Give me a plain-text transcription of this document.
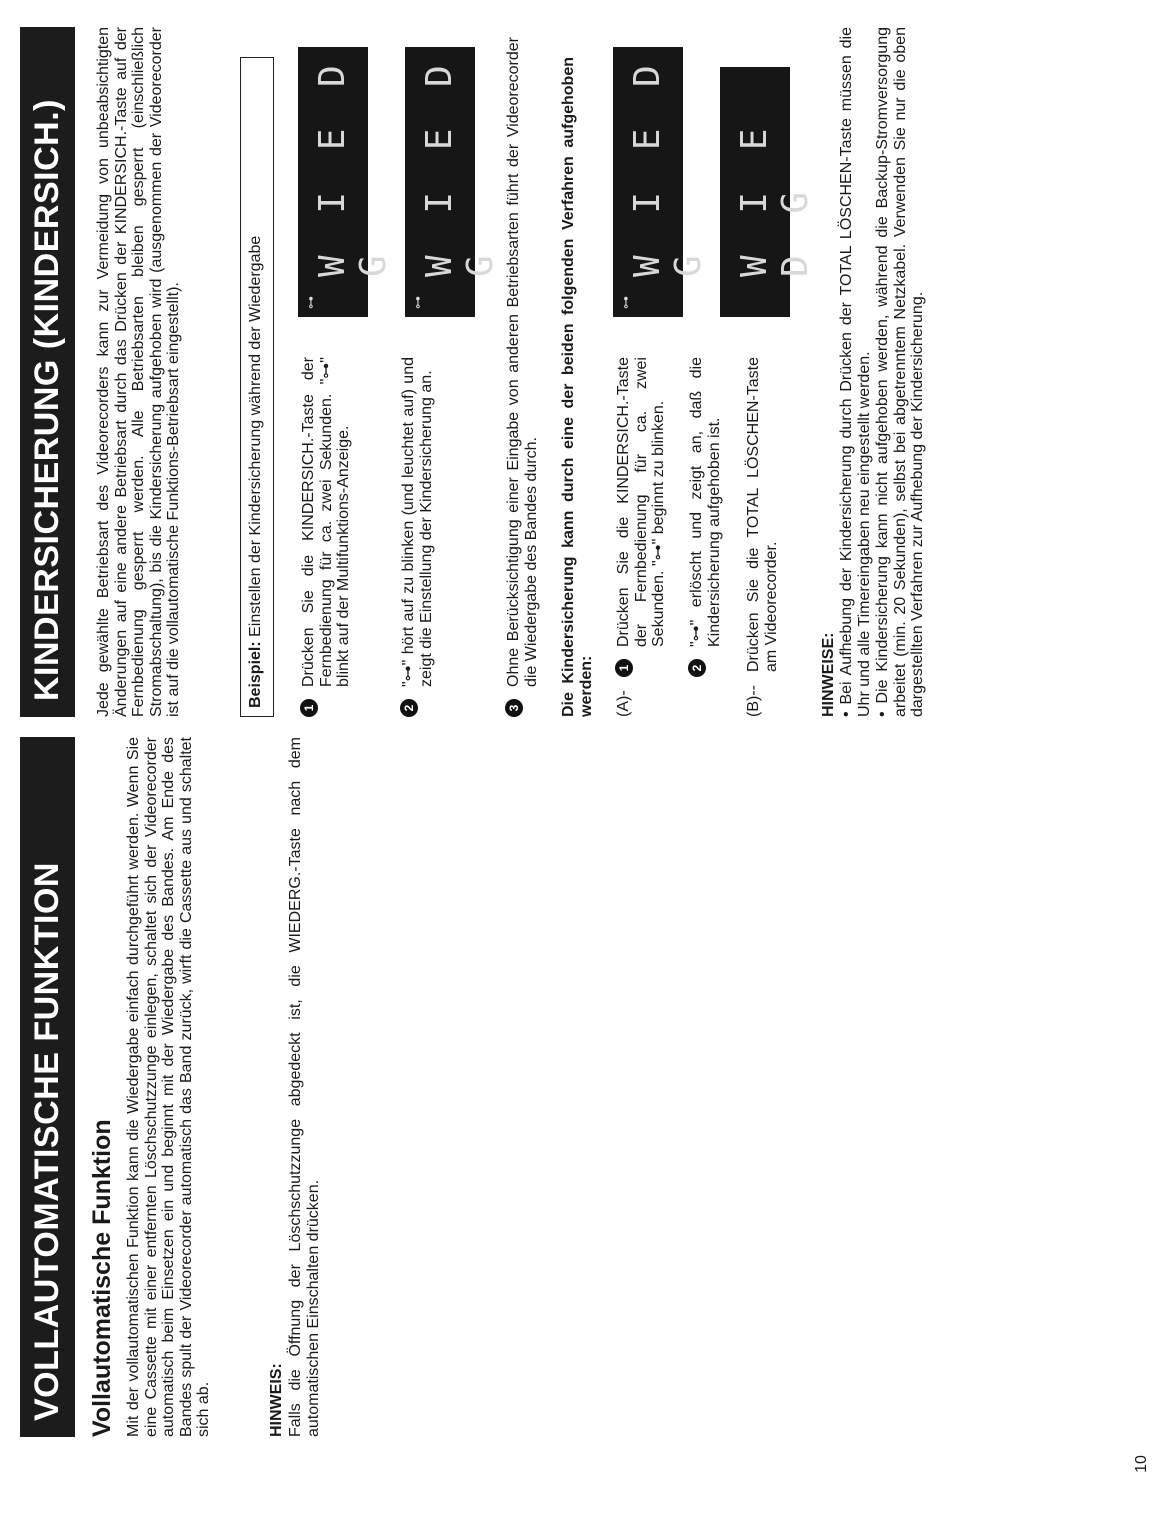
VOLLAUTOMATISCHE FUNKTION Vollautomatische Funktion Mit der vollautomatischen Funktion kann die Wiedergabe einfach durchgeführt werden. Wenn Sie eine Cassette mit einer entfernten Löschschutzzunge einlegen, schaltet sich der Videorecorder automatisch beim Einsetzen ein und beginnt mit der Wiedergabe des Bandes. Am Ende des Bandes spult der Videorecorder automatisch das Band zurück, wirft die Cassette aus und schaltet sich ab.	HINWEIS: Falls die Öffnung der Löschschutzzunge abgedeckt ist, die WIEDERG.-Taste nach dem automatischen Einschalten drücken.
KINDERSICHERUNG (KINDERSICH.)	Jede gewählte Betriebsart des Videorecorders kann zur Vermeidung von unbeabsichtigten Änderungen auf eine andere Betriebsart durch das Drücken der KINDERSICH.-Taste auf der Fernbedienung gesperrt werden. Alle Betriebsarten bleiben gesperrt (einschließlich Stromabschaltung), bis die Kindersicherung aufgehoben wird (ausgenommen der Videorecorder ist auf die vollautomatische Funktions-Betriebsart eingestellt).	Beispiel: Einstellen der Kindersicherung während der Wiedergabe
1
Drücken Sie die KINDERSICH.-Taste der Fernbedienung für ca. zwei Sekunden. "⊶" blinkt auf der Multifunktions-Anzeige.
⊶
W I E D G
2
"⊶" hört auf zu blinken (und leuchtet auf) und zeigt die Einstellung der Kindersicherung an.
⊶
W I E D G
3
Ohne Berücksichtigung einer Eingabe von anderen Betriebsarten führt der Videorecorder die Wiedergabe des Bandes durch. Die Kindersicherung kann durch eine der beiden folgenden Verfahren aufgehoben werden: (A)-
1
Drücken Sie die KINDERSICH.-Taste der Fernbedienung für ca. zwei Sekunden. "⊶" beginnt zu blinken.
2
"⊶" erlöscht und zeigt an, daß die Kindersicherung aufgehoben ist.
⊶
W I E D G W I E D G
(B)--
Drücken Sie die TOTAL LÖSCHEN-Taste am Videorecorder.
HINWEISE: • Bei Aufhebung der Kindersicherung durch Drücken der TOTAL LÖSCHEN-Taste müssen die Uhr und alle Timereingaben neu eingestellt werden. • Die Kindersicherung kann nicht aufgehoben werden, während die Backup-Stromversorgung arbeitet (min. 20 Sekunden), selbst bei abgetrenntem Netzkabel. Verwenden Sie nur die oben dargestellten Verfahren zur Aufhebung der Kindersicherung.
10
